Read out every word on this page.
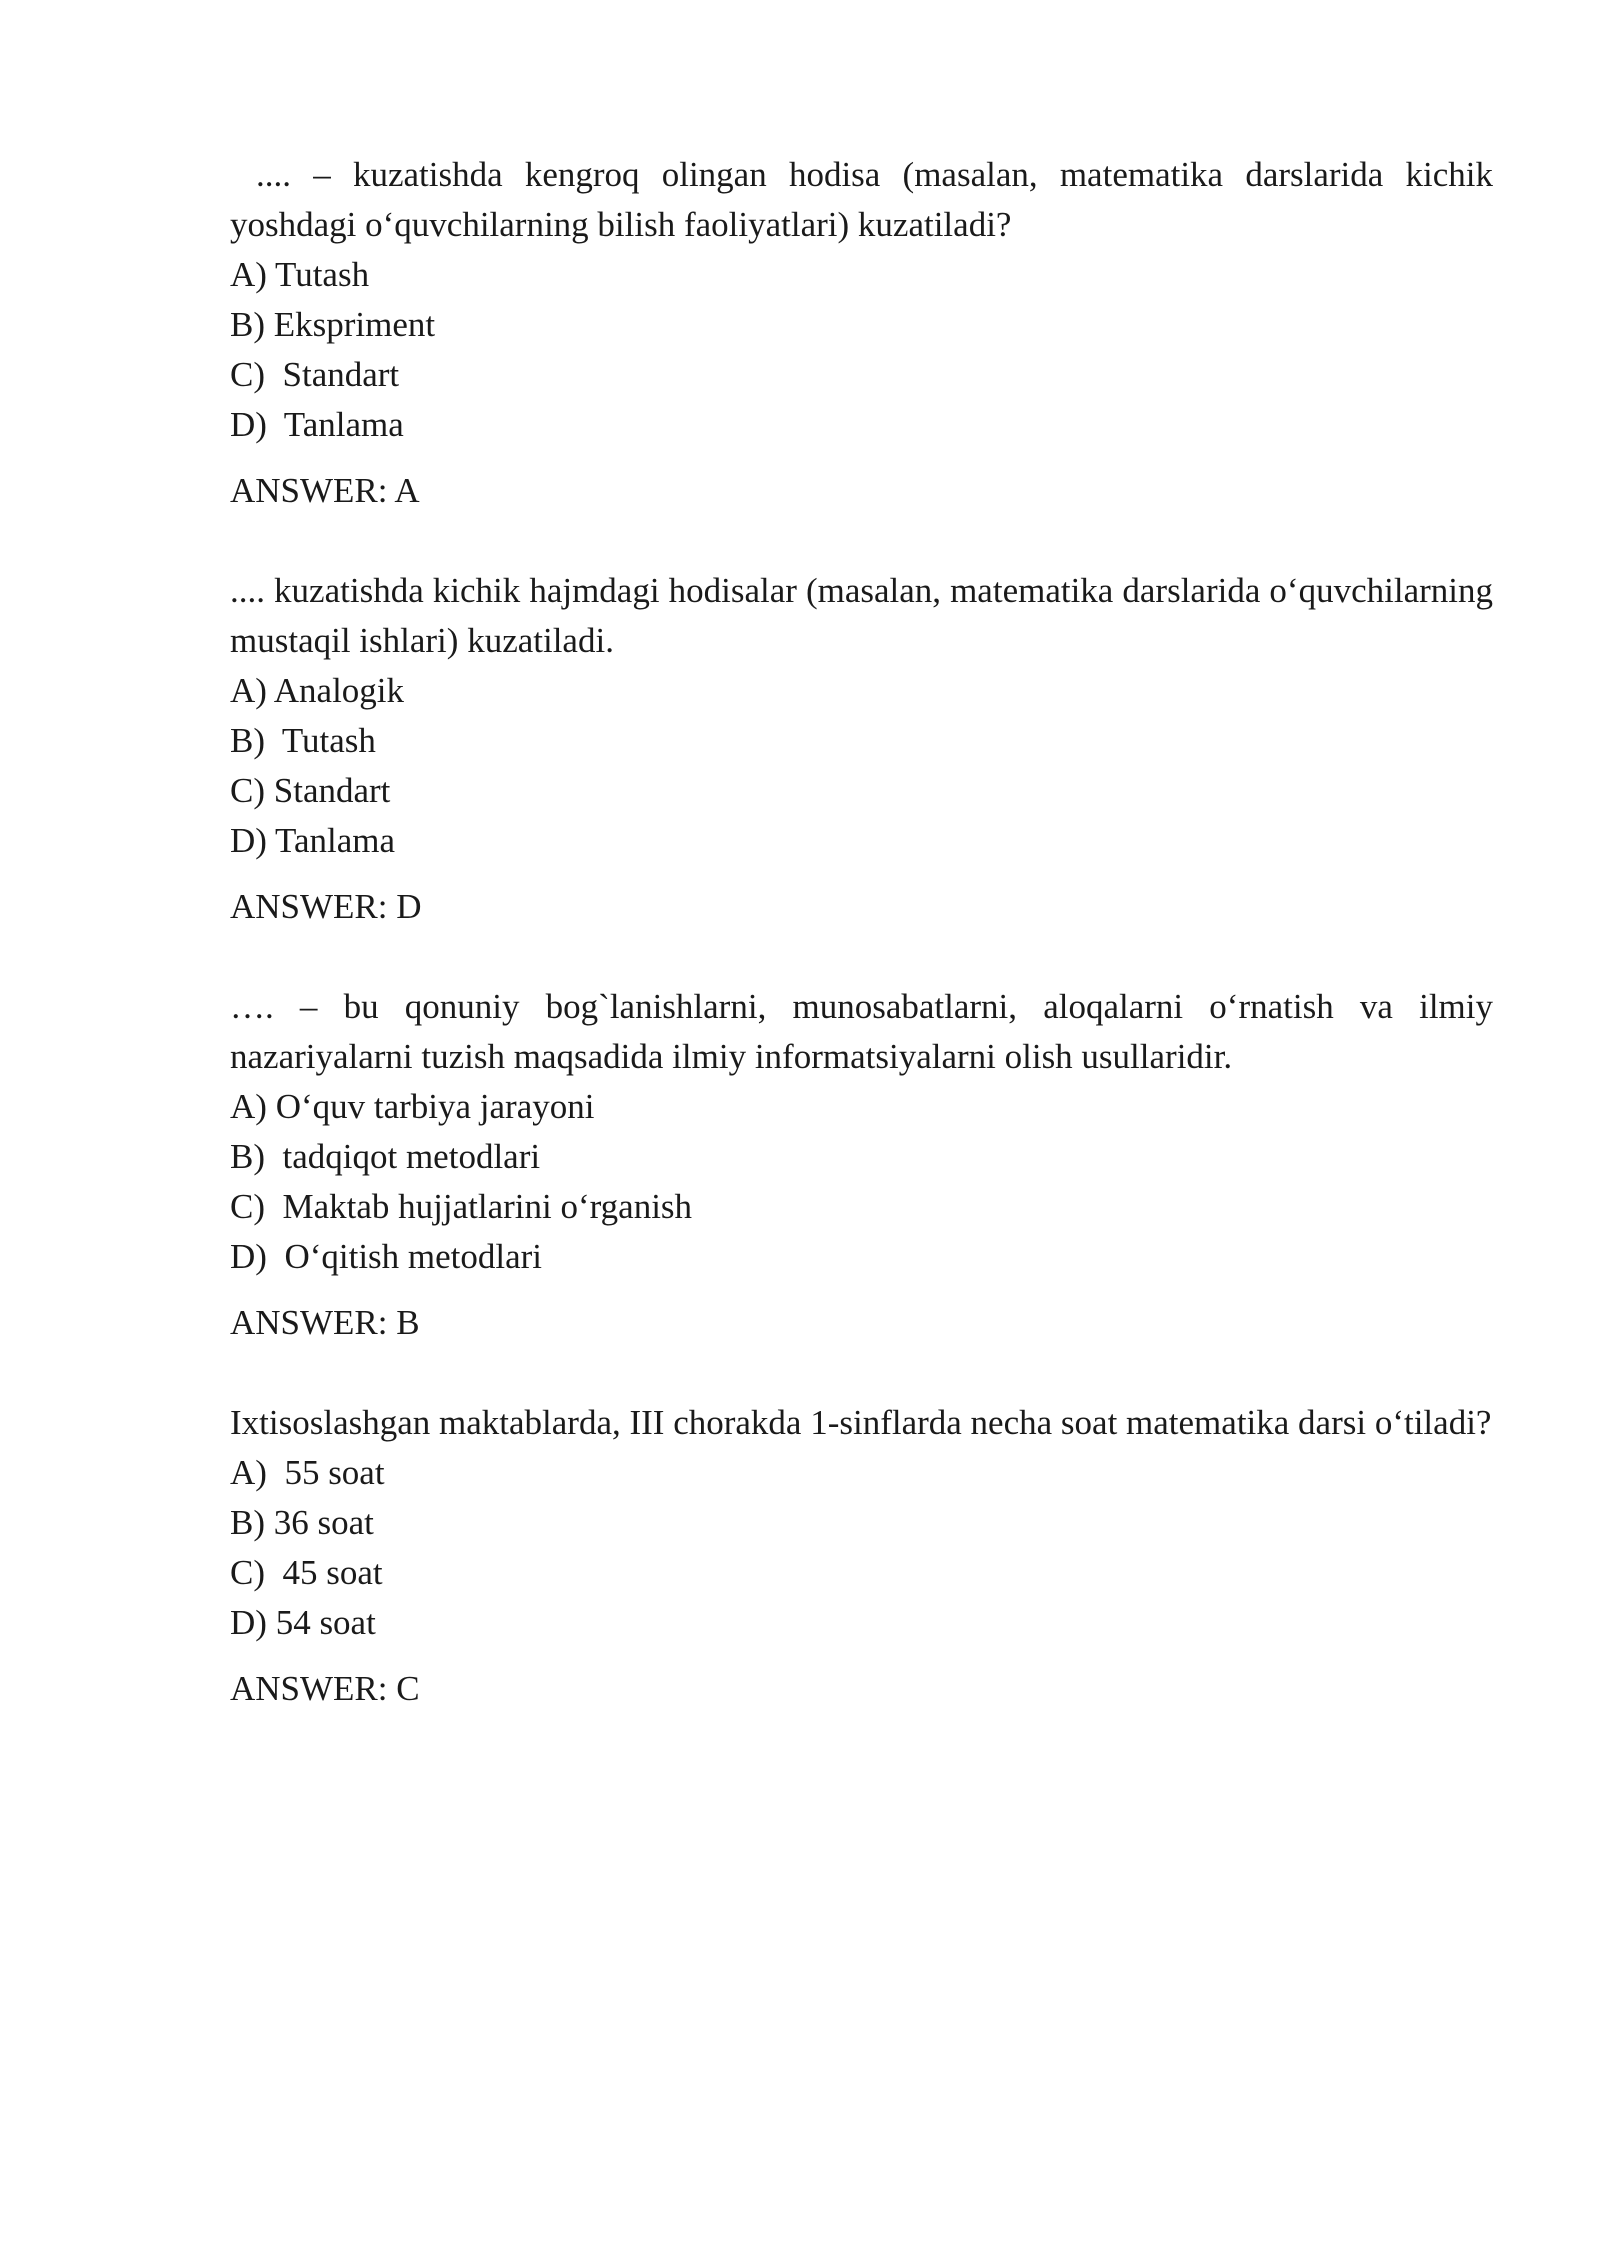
.... – kuzatishda kengroq olingan hodisa (masalan, matematika darslarida kichik yoshdagi o‘quvchilarning bilish faoliyatlari) kuzatiladi?

A) Tutash

B) Ekspriment

C)  Standart

D)  Tanlama

ANSWER: A

.... kuzatishda kichik hajmdagi hodisalar (masalan, matematika darslarida o‘quvchilarning mustaqil ishlari) kuzatiladi.

A) Analogik

B)  Tutash

C) Standart

D) Tanlama

ANSWER: D

…. – bu qonuniy bog`lanishlarni, munosabatlarni, aloqalarni o‘rnatish va ilmiy nazariyalarni tuzish maqsadida ilmiy informatsiyalarni olish usullaridir.

A) O‘quv tarbiya jarayoni

B)  tadqiqot metodlari

C)  Maktab hujjatlarini o‘rganish

D)  O‘qitish metodlari

ANSWER: B

Ixtisoslashgan maktablarda, III chorakda 1-sinflarda necha soat matematika darsi o‘tiladi?

A)  55 soat

B) 36 soat

C)  45 soat

D) 54 soat

ANSWER: C
